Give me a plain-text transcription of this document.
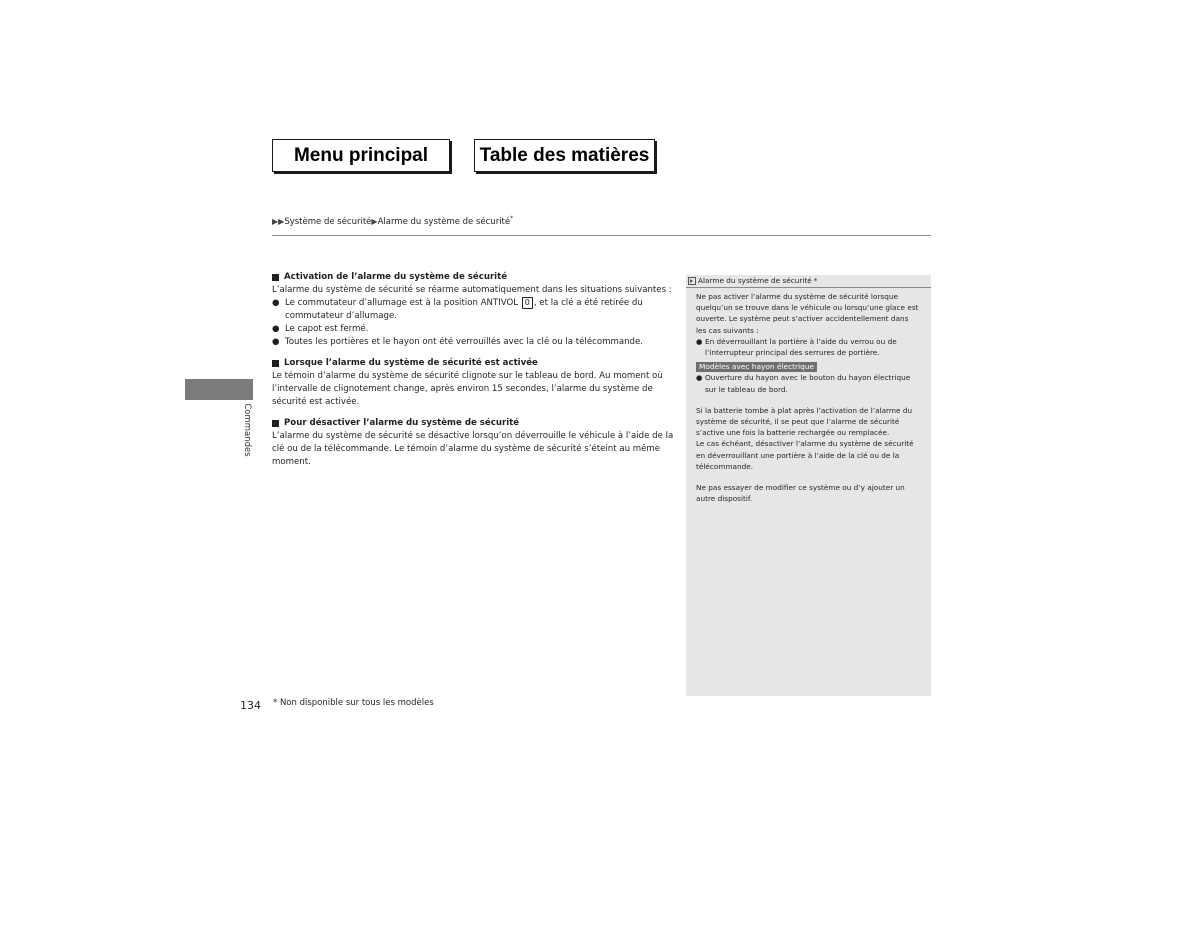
Menu principal	Table des matières
▶▶Système de sécurité▶Alarme du système de sécurité*
Commandes
Activation de l’alarme du système de sécurité
L’alarme du système de sécurité se réarme automatiquement dans les situations suivantes :
● Le commutateur d’allumage est à la position ANTIVOL 0 , et la clé a été retirée du commutateur d’allumage.
● Le capot est fermé.
● Toutes les portières et le hayon ont été verrouillés avec la clé ou la télécommande.
Lorsque l’alarme du système de sécurité est activée
Le témoin d’alarme du système de sécurité clignote sur le tableau de bord. Au moment où l’intervalle de clignotement change, après environ 15 secondes, l’alarme du système de sécurité est activée.
Pour désactiver l’alarme du système de sécurité
L’alarme du système de sécurité se désactive lorsqu’on déverrouille le véhicule à l’aide de la clé ou de la télécommande. Le témoin d’alarme du système de sécurité s’éteint au même moment.
Alarme du système de sécurité *

Ne pas activer l’alarme du système de sécurité lorsque quelqu’un se trouve dans le véhicule ou lorsqu’une glace est ouverte. Le système peut s’activer accidentellement dans les cas suivants :

● En déverrouillant la portière à l’aide du verrou ou de l’interrupteur principal des serrures de portière.
Modèles avec hayon électrique
● Ouverture du hayon avec le bouton du hayon électrique sur le tableau de bord.

Si la batterie tombe à plat après l’activation de l’alarme du système de sécurité, il se peut que l’alarme de sécurité s’active une fois la batterie rechargée ou remplacée.

Le cas échéant, désactiver l’alarme du système de sécurité en déverrouillant une portière à l’aide de la clé ou de la télécommande.

Ne pas essayer de modifier ce système ou d’y ajouter un autre dispositif.

134 * Non disponible sur tous les modèles
